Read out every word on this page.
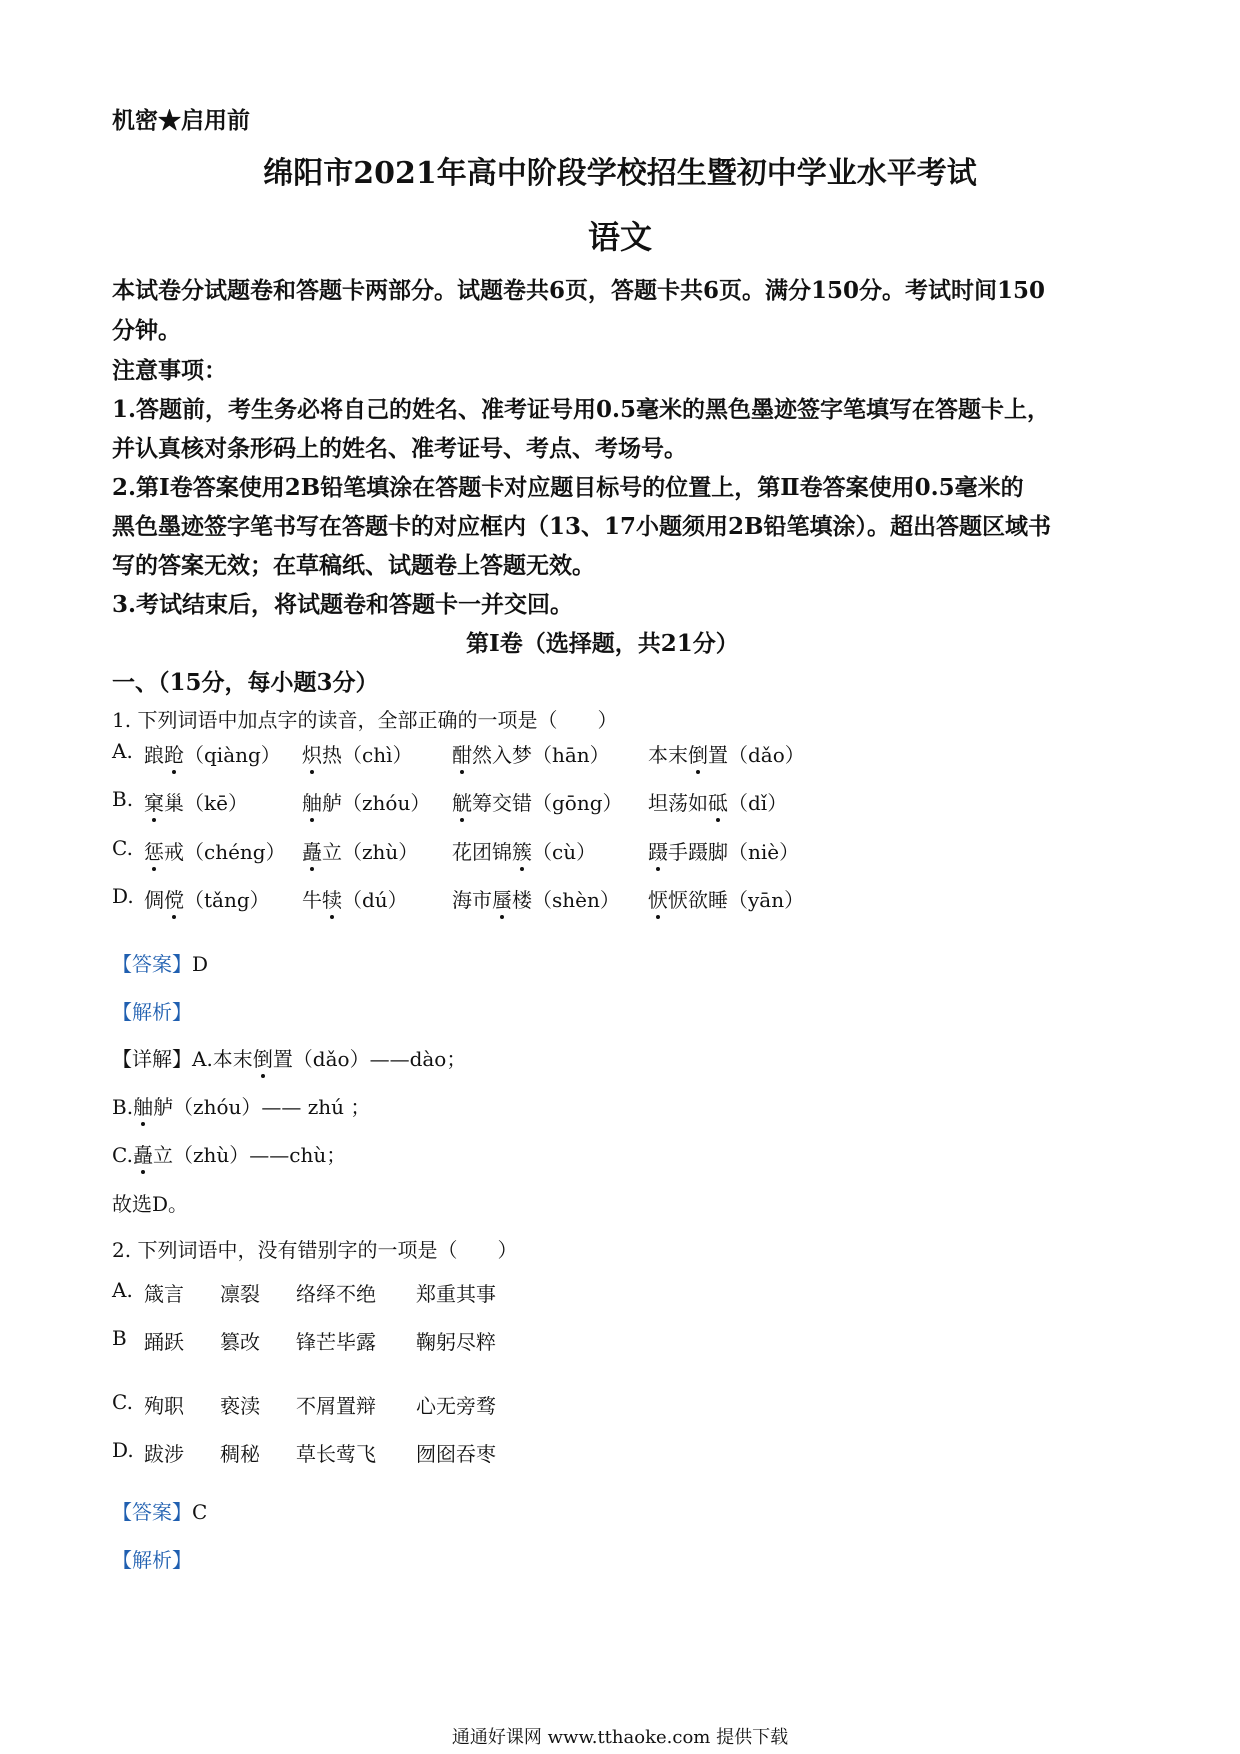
机密★启用前
绵阳市2021年高中阶段学校招生暨初中学业水平考试
语文
本试卷分试题卷和答题卡两部分。试题卷共6页，答题卡共6页。满分150分。考试时间150
分钟。
注意事项：
1.答题前，考生务必将自己的姓名、准考证号用0.5毫米的黑色墨迹签字笔填写在答题卡上，
并认真核对条形码上的姓名、准考证号、考点、考场号。
2.第Ⅰ卷答案使用2B铅笔填涂在答题卡对应题目标号的位置上，第Ⅱ卷答案使用0.5毫米的
黑色墨迹签字笔书写在答题卡的对应框内（13、17小题须用2B铅笔填涂）。超出答题区域书
写的答案无效；在草稿纸、试题卷上答题无效。
3.考试结束后，将试题卷和答题卡一并交回。
第Ⅰ卷（选择题，共21分）
一、（15分，每小题3分）
1. 下列词语中加点字的读音，全部正确的一项是（　　）
A. 踉跄（qiàng） 炽热（chì） 酣然入梦（hān） 本末倒置（dǎo）
B. 窠巢（kē）	舳舻（zhóu） 觥筹交错（gōng） 坦荡如砥（dǐ）
C. 惩戒（chéng） 矗立（zhù） 花团锦簇（cù）	蹑手蹑脚（niè）
D. 倜傥（tǎng） 牛犊（dú） 海市蜃楼（shèn） 恹恹欲睡（yān）
【答案】D
【解析】
【详解】A.本末倒置（dǎo）——dào；
B.舳舻（zhóu）—— zhú ；
C.矗立（zhù）——chù；
故选D。
2. 下列词语中，没有错别字的一项是（　　）
A. 箴言 凛裂 络绎不绝 郑重其事
B 踊跃 篡改 锋芒毕露 鞠躬尽粹
C. 殉职 亵渎 不屑置辩 心无旁骛
D. 跋涉 稠秘 草长莺飞 囫囵吞枣
【答案】C
【解析】
通通好课网 www.tthaoke.com 提供下载
